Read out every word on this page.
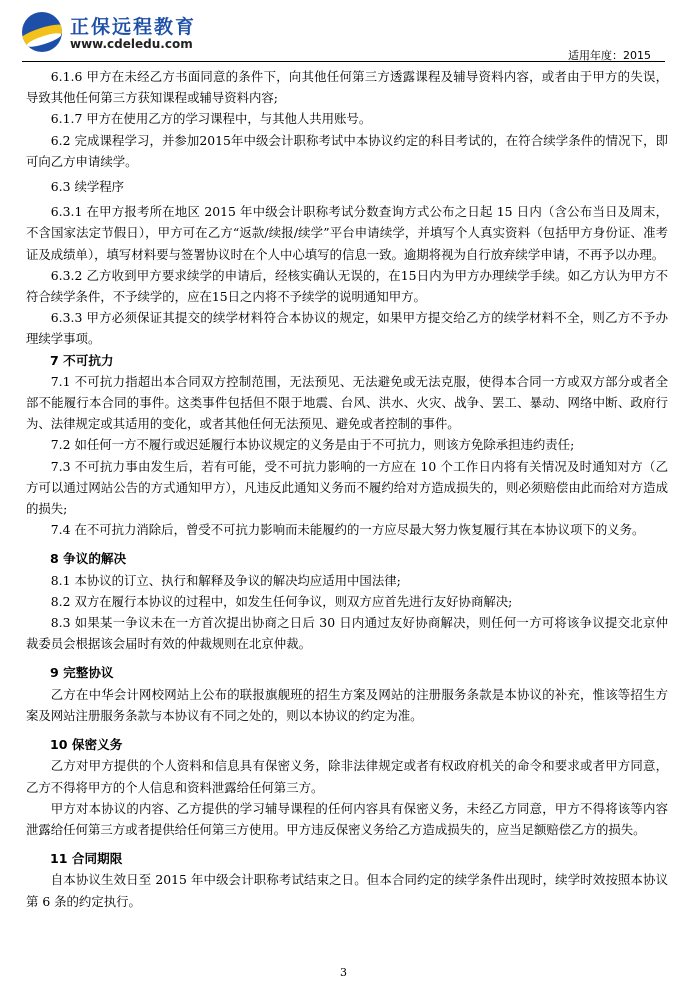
正保远程教育
www.cdeledu.com
适用年度：2015

6.1.6 甲方在未经乙方书面同意的条件下，向其他任何第三方透露课程及辅导资料内容，或者由于甲方的失误，导致其他任何第三方获知课程或辅导资料内容;

6.1.7 甲方在使用乙方的学习课程中，与其他人共用账号。

6.2 完成课程学习，并参加2015年中级会计职称考试中本协议约定的科目考试的，在符合续学条件的情况下，即可向乙方申请续学。

6.3 续学程序

6.3.1 在甲方报考所在地区 2015 年中级会计职称考试分数查询方式公布之日起 15 日内（含公布当日及周末，不含国家法定节假日），甲方可在乙方“返款/续报/续学”平台申请续学，并填写个人真实资料（包括甲方身份证、准考证及成绩单），填写材料要与签署协议时在个人中心填写的信息一致。逾期将视为自行放弃续学申请，不再予以办理。

6.3.2 乙方收到甲方要求续学的申请后，经核实确认无误的，在15日内为甲方办理续学手续。如乙方认为甲方不符合续学条件，不予续学的，应在15日之内将不予续学的说明通知甲方。

6.3.3 甲方必须保证其提交的续学材料符合本协议的规定，如果甲方提交给乙方的续学材料不全，则乙方不予办理续学事项。

7 不可抗力

7.1 不可抗力指超出本合同双方控制范围，无法预见、无法避免或无法克服，使得本合同一方或双方部分或者全部不能履行本合同的事件。这类事件包括但不限于地震、台风、洪水、火灾、战争、罢工、暴动、网络中断、政府行为、法律规定或其适用的变化，或者其他任何无法预见、避免或者控制的事件。

7.2 如任何一方不履行或迟延履行本协议规定的义务是由于不可抗力，则该方免除承担违约责任;

7.3 不可抗力事由发生后，若有可能，受不可抗力影响的一方应在 10 个工作日内将有关情况及时通知对方（乙方可以通过网站公告的方式通知甲方），凡违反此通知义务而不履约给对方造成损失的，则必须赔偿由此而给对方造成的损失;

7.4 在不可抗力消除后，曾受不可抗力影响而未能履约的一方应尽最大努力恢复履行其在本协议项下的义务。

8 争议的解决

8.1 本协议的订立、执行和解释及争议的解决均应适用中国法律;

8.2 双方在履行本协议的过程中，如发生任何争议，则双方应首先进行友好协商解决;

8.3 如果某一争议未在一方首次提出协商之日后 30 日内通过友好协商解决，则任何一方可将该争议提交北京仲裁委员会根据该会届时有效的仲裁规则在北京仲裁。

9 完整协议

乙方在中华会计网校网站上公布的联报旗舰班的招生方案及网站的注册服务条款是本协议的补充，惟该等招生方案及网站注册服务条款与本协议有不同之处的，则以本协议的约定为准。

10 保密义务

乙方对甲方提供的个人资料和信息具有保密义务，除非法律规定或者有权政府机关的命令和要求或者甲方同意，乙方不得将甲方的个人信息和资料泄露给任何第三方。

甲方对本协议的内容、乙方提供的学习辅导课程的任何内容具有保密义务，未经乙方同意，甲方不得将该等内容泄露给任何第三方或者提供给任何第三方使用。甲方违反保密义务给乙方造成损失的，应当足额赔偿乙方的损失。

11 合同期限

自本协议生效日至 2015 年中级会计职称考试结束之日。但本合同约定的续学条件出现时，续学时效按照本协议第 6 条的约定执行。

3
